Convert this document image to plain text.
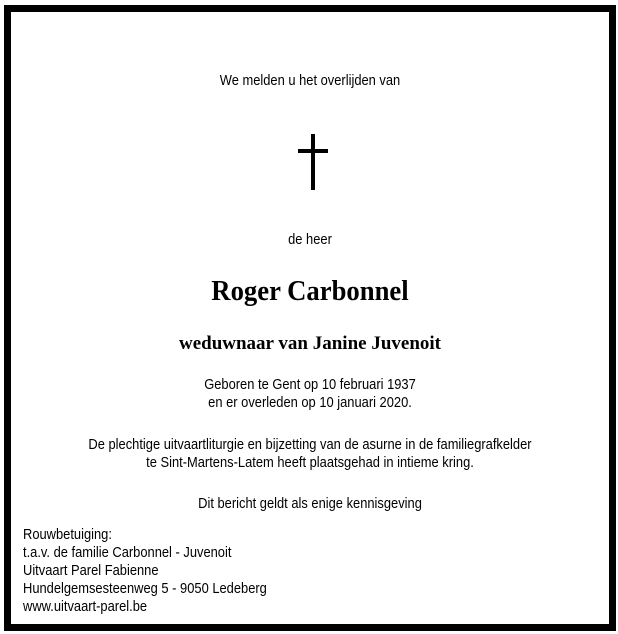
We melden u het overlijden van
de heer
Roger Carbonnel
weduwnaar van Janine Juvenoit
Geboren te Gent op 10 februari 1937
en er overleden op 10 januari 2020.
De plechtige uitvaartliturgie en bijzetting van de asurne in de familiegrafkelder
te Sint-Martens-Latem heeft plaatsgehad in intieme kring.
Dit bericht geldt als enige kennisgeving
Rouwbetuiging:
t.a.v. de familie Carbonnel - Juvenoit
Uitvaart Parel Fabienne
Hundelgemsesteenweg 5 - 9050 Ledeberg
www.uitvaart-parel.be
